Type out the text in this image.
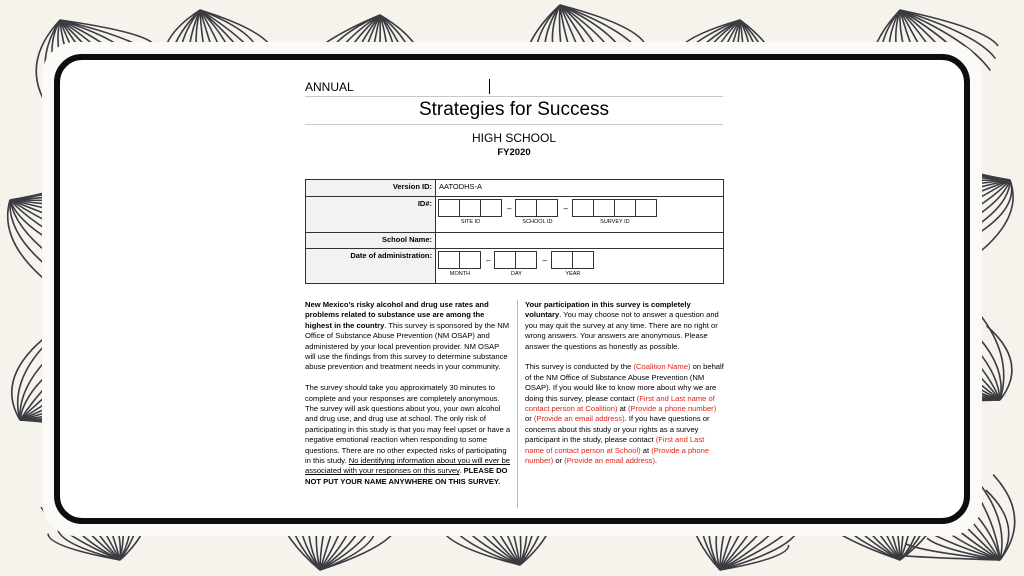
ANNUAL
Strategies for Success
HIGH SCHOOL
FY2020
Version ID:	AATODHS-A
ID#:	SITE ID
–
SCHOOL ID
–
SURVEY ID

School Name:	
Date of administration:	MONTH
–
DAY
–
YEAR

New Mexico’s risky alcohol and drug use rates and problems related to substance use are among the highest in the country. This survey is sponsored by the NM Office of Substance Abuse Prevention (NM OSAP) and administered by your local prevention provider. NM OSAP will use the findings from this survey to determine substance abuse prevention and treatment needs in your community.

The survey should take you approximately 30 minutes to complete and your responses are completely anonymous. The survey will ask questions about you, your own alcohol and drug use, and drug use at school. The only risk of participating in this study is that you may feel upset or have a negative emotional reaction when responding to some questions. There are no other expected risks of participating in this study. No identifying information about you will ever be associated with your responses on this survey. PLEASE DO NOT PUT YOUR NAME ANYWHERE ON THIS SURVEY.

Your participation in this survey is completely voluntary. You may choose not to answer a question and you may quit the survey at any time. There are no right or wrong answers. Your answers are anonymous. Please answer the questions as honestly as possible.

This survey is conducted by the (Coalition Name) on behalf of the NM Office of Substance Abuse Prevention (NM OSAP). If you would like to know more about why we are doing this survey, please contact (First and Last name of contact person at Coalition) at (Provide a phone number) or (Provide an email address). If you have questions or concerns about this study or your rights as a survey participant in the study, please contact (First and Last name of contact person at School) at (Provide a phone number) or (Provide an email address).
